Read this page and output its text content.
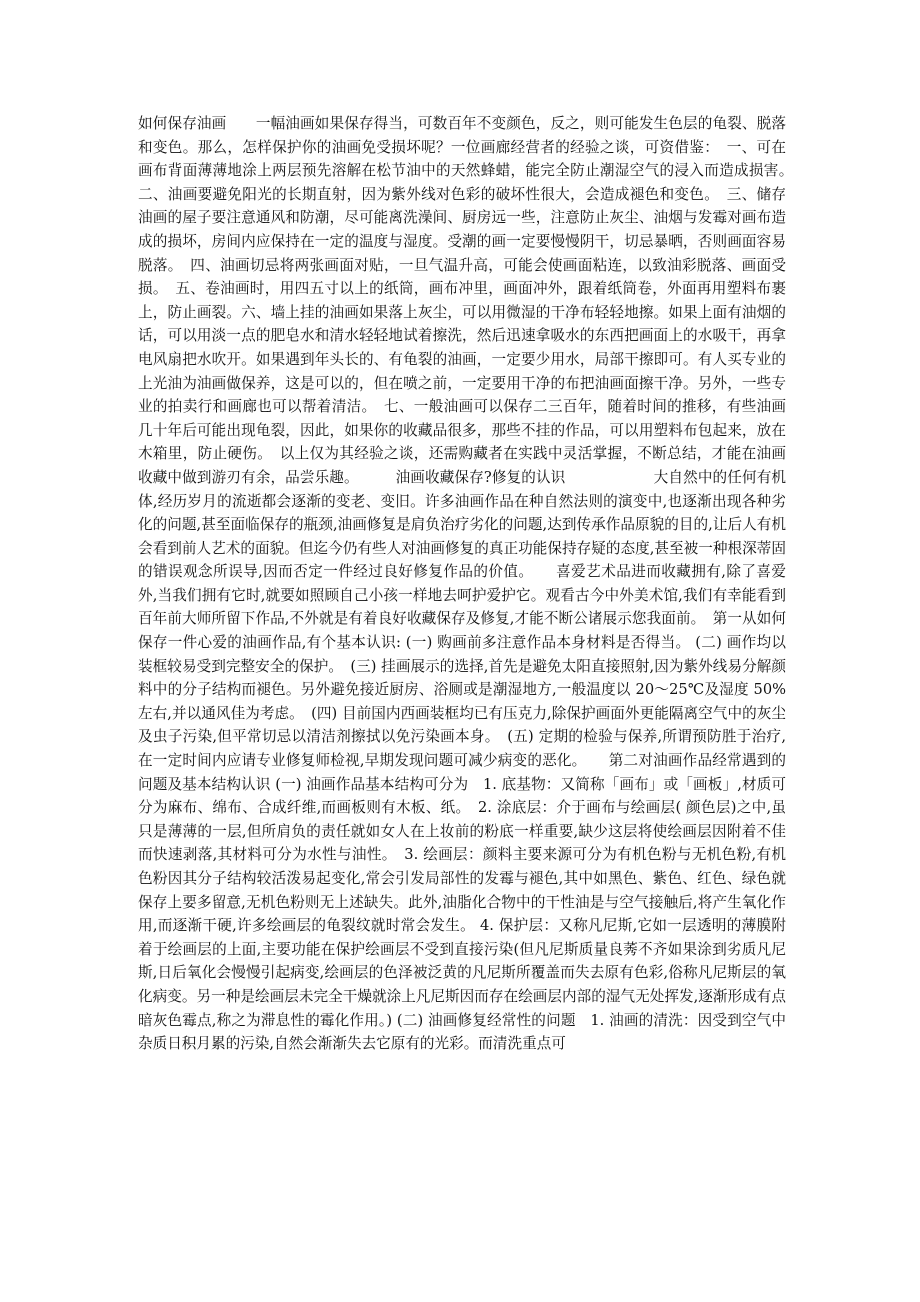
如何保存油画　　一幅油画如果保存得当，可数百年不变颜色，反之，则可能发生色层的龟裂、脱落和变色。那么，怎样保护你的油画免受损坏呢？一位画廊经营者的经验之谈，可资借鉴：　一、可在画布背面薄薄地涂上两层预先溶解在松节油中的天然蜂蜡，能完全防止潮湿空气的浸入而造成损害。　二、油画要避免阳光的长期直射，因为紫外线对色彩的破坏性很大，会造成褪色和变色。　三、储存油画的屋子要注意通风和防潮，尽可能离洗澡间、厨房远一些，注意防止灰尘、油烟与发霉对画布造成的损坏，房间内应保持在一定的温度与湿度。受潮的画一定要慢慢阴干，切忌暴晒，否则画面容易脱落。　四、油画切忌将两张画面对贴，一旦气温升高，可能会使画面粘连，以致油彩脱落、画面受损。　五、卷油画时，用四五寸以上的纸筒，画布冲里，画面冲外，跟着纸筒卷，外面再用塑料布裹上，防止画裂。六、墙上挂的油画如果落上灰尘，可以用微湿的干净布轻轻地擦。如果上面有油烟的话，可以用淡一点的肥皂水和清水轻轻地试着擦洗，然后迅速拿吸水的东西把画面上的水吸干，再拿电风扇把水吹开。如果遇到年头长的、有龟裂的油画，一定要少用水，局部干擦即可。有人买专业的上光油为油画做保养，这是可以的，但在喷之前，一定要用干净的布把油画面擦干净。另外，一些专业的拍卖行和画廊也可以帮着清洁。　七、一般油画可以保存二三百年，随着时间的推移，有些油画几十年后可能出现龟裂，因此，如果你的收藏品很多，那些不挂的作品，可以用塑料布包起来，放在木箱里，防止硬伤。　以上仅为其经验之谈，还需购藏者在实践中灵活掌握，不断总结，才能在油画收藏中做到游刃有余，品尝乐趣。　　　油画收藏保存?修复的认识　　　　　　大自然中的任何有机体,经历岁月的流逝都会逐渐的变老、变旧。许多油画作品在种自然法则的演变中,也逐渐出现各种劣化的问题,甚至面临保存的瓶颈,油画修复是肩负治疗劣化的问题,达到传承作品原貌的目的,让后人有机会看到前人艺术的面貌。但迄今仍有些人对油画修复的真正功能保持存疑的态度,甚至被一种根深蒂固的错误观念所误导,因而否定一件经过良好修复作品的价值。　　喜爱艺术品进而收藏拥有,除了喜爱外,当我们拥有它时,就要如照顾自己小孩一样地去呵护爱护它。观看古今中外美术馆,我们有幸能看到百年前大师所留下作品,不外就是有着良好收藏保存及修复,才能不断公诸展示您我面前。　第一从如何保存一件心爱的油画作品,有个基本认识: (一) 购画前多注意作品本身材料是否得当。 (二) 画作均以装框较易受到完整安全的保护。　(三) 挂画展示的选择,首先是避免太阳直接照射,因为紫外线易分解颜料中的分子结构而褪色。另外避免接近厨房、浴厕或是潮湿地方,一般温度以 20～25℃及湿度 50%左右,并以通风佳为考虑。　(四) 目前国内西画装框均已有压克力,除保护画面外更能隔离空气中的灰尘及虫子污染,但平常切忌以清洁剂擦拭以免污染画本身。　(五) 定期的检验与保养,所谓预防胜于治疗,在一定时间内应请专业修复师检视,早期发现问题可减少病变的恶化。　　第二对油画作品经常遇到的问题及基本结构认识 (一) 油画作品基本结构可分为　1. 底基物：又简称「画布」或「画板」,材质可分为麻布、绵布、合成纤维,而画板则有木板、纸。　2. 涂底层：介于画布与绘画层( 颜色层)之中,虽只是薄薄的一层,但所肩负的责任就如女人在上妆前的粉底一样重要,缺少这层将使绘画层因附着不佳而快速剥落,其材料可分为水性与油性。　3. 绘画层：颜料主要来源可分为有机色粉与无机色粉,有机色粉因其分子结构较活泼易起变化,常会引发局部性的发霉与褪色,其中如黑色、紫色、红色、绿色就保存上要多留意,无机色粉则无上述缺失。此外,油脂化合物中的干性油是与空气接触后,将产生氧化作用,而逐渐干硬,许多绘画层的龟裂纹就时常会发生。 4. 保护层：又称凡尼斯,它如一层透明的薄膜附着于绘画层的上面,主要功能在保护绘画层不受到直接污染(但凡尼斯质量良莠不齐如果涂到劣质凡尼斯,日后氧化会慢慢引起病变,绘画层的色泽被泛黄的凡尼斯所覆盖而失去原有色彩,俗称凡尼斯层的氧化病变。另一种是绘画层未完全干燥就涂上凡尼斯因而存在绘画层内部的湿气无处挥发,逐渐形成有点暗灰色霉点,称之为滞息性的霉化作用。) (二) 油画修复经常性的问题　1. 油画的清洗：因受到空气中杂质日积月累的污染,自然会渐渐失去它原有的光彩。而清洗重点可
